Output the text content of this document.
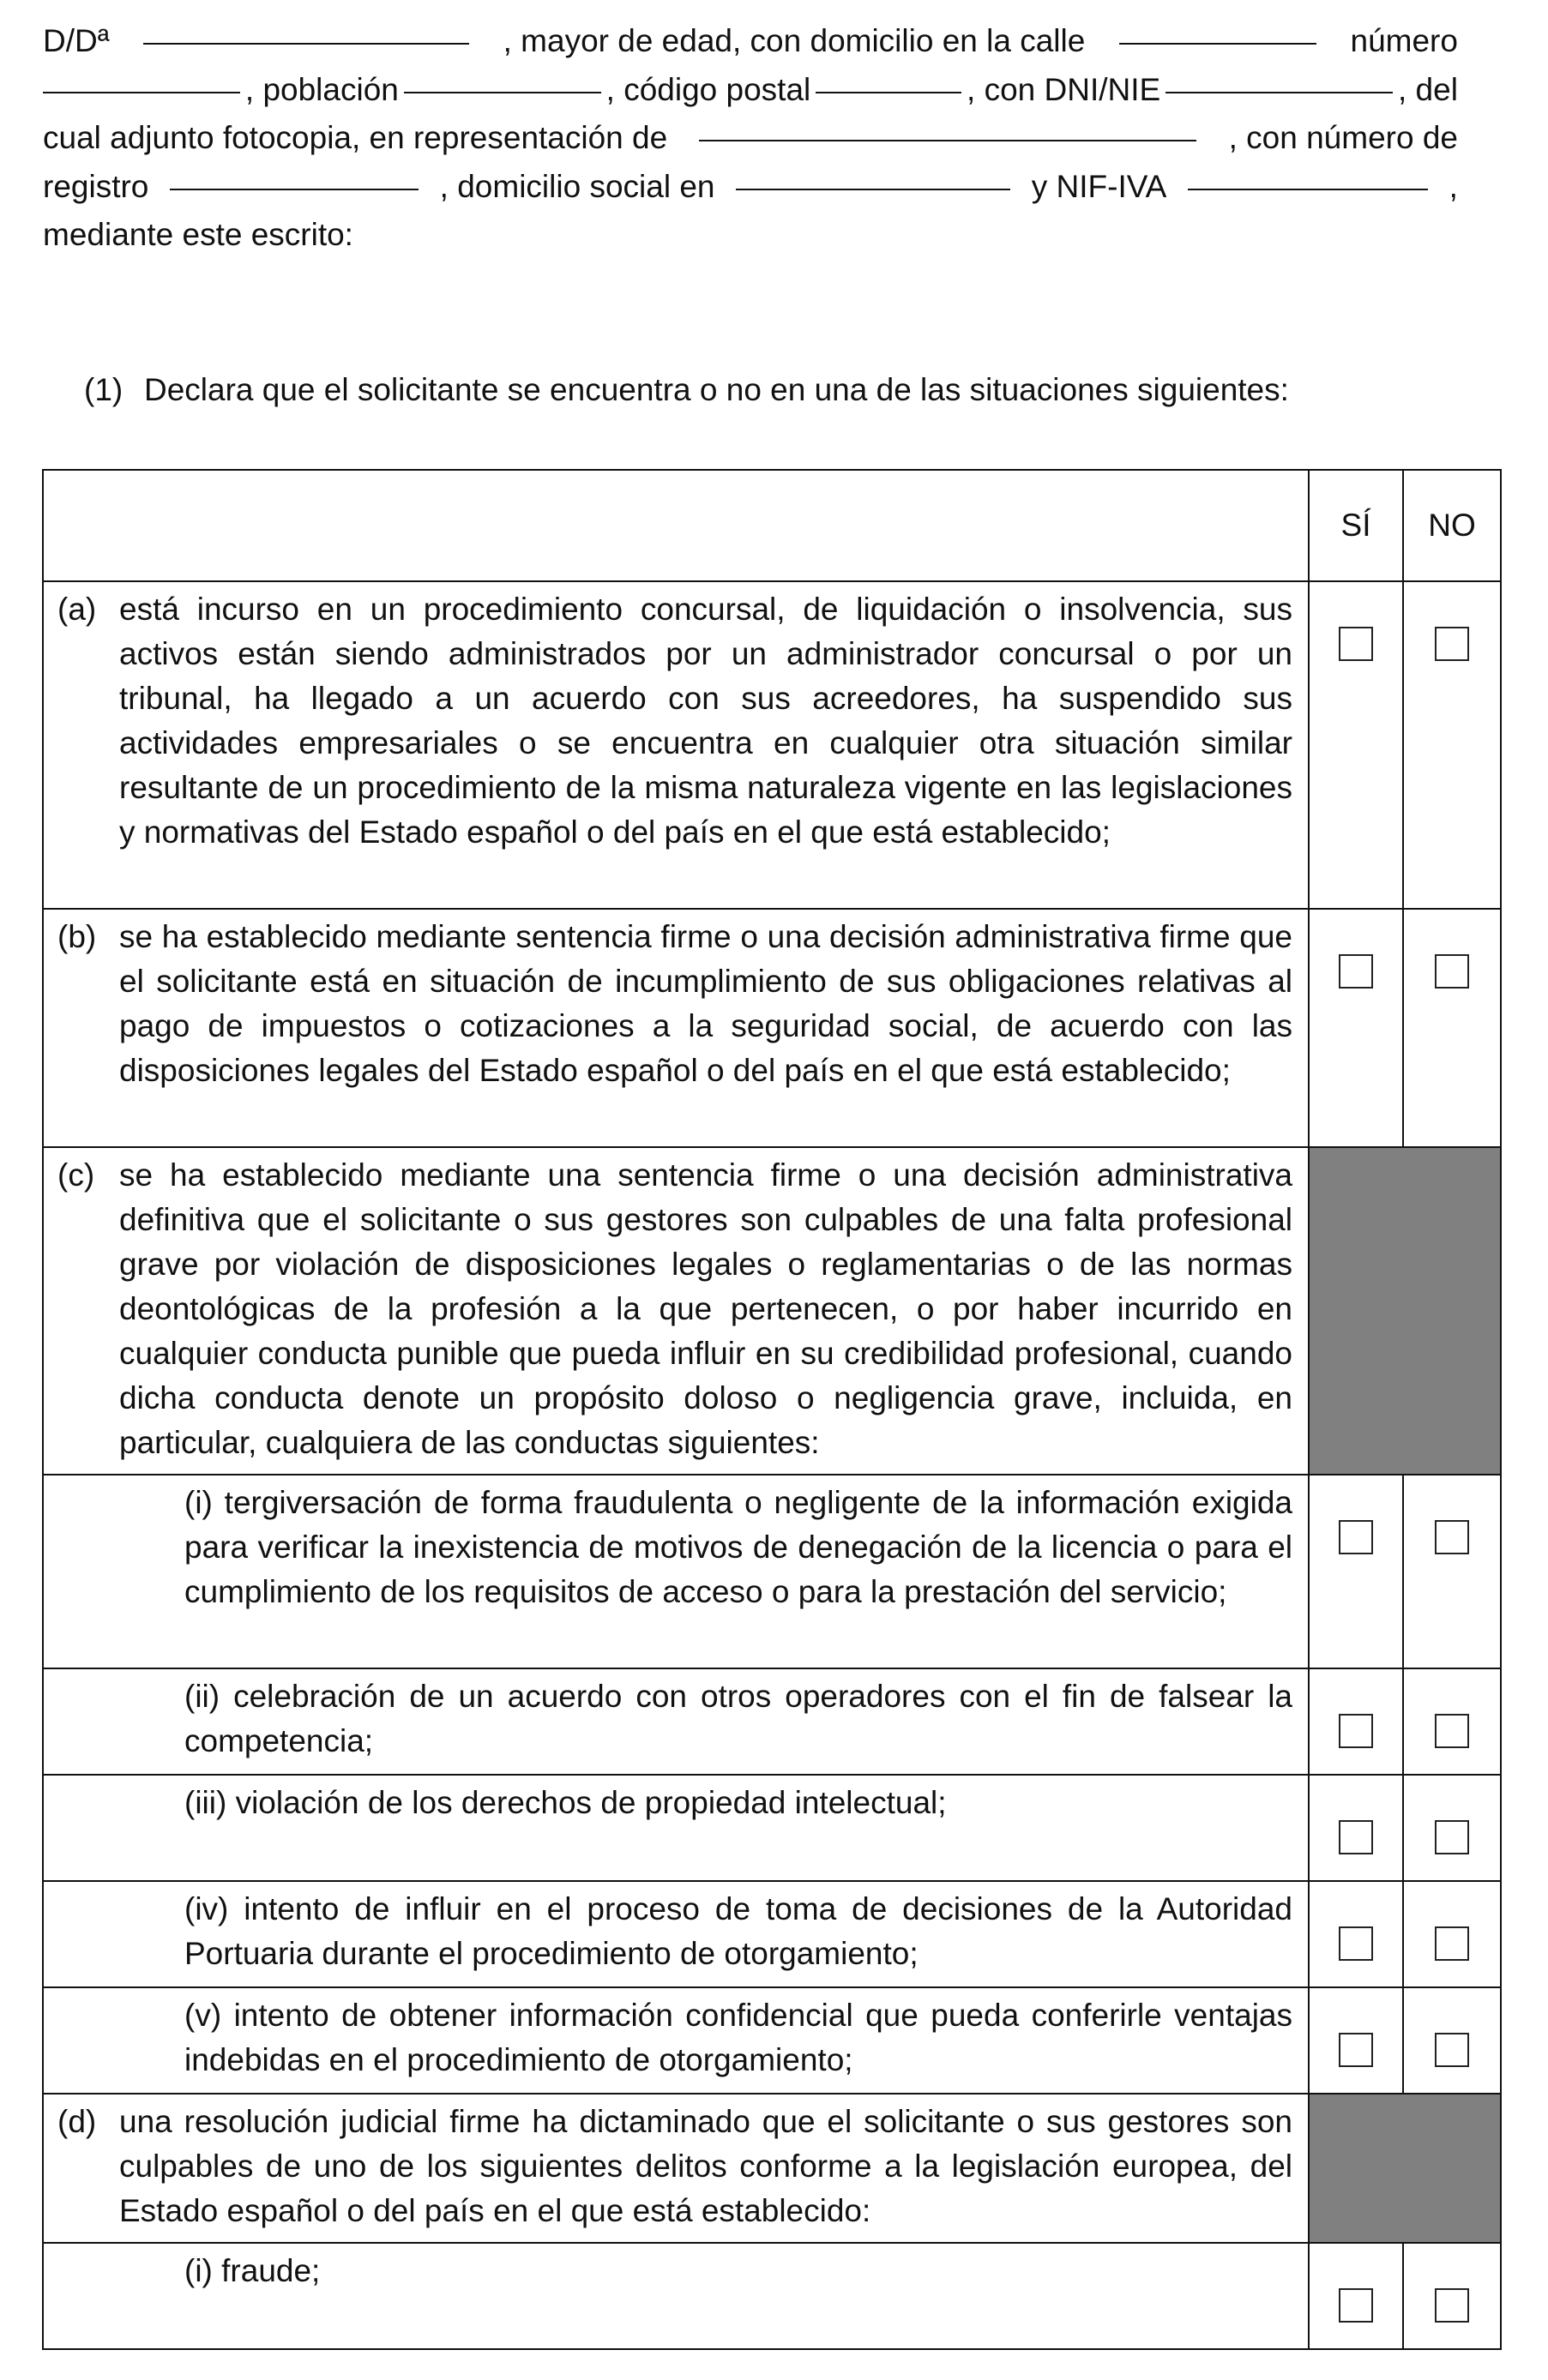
D/Dª	, mayor de edad, con domicilio en la calle	número
, población	, código postal	, con DNI/NIE	, del
cual adjunto fotocopia, en representación de	, con número de
registro	, domicilio social en	y NIF-IVA	,
mediante este escrito:
(1) Declara que el solicitante se encuentra o no en una de las situaciones siguientes:
	SÍ	NO

(a) está incurso en un procedimiento concursal, de liquidación o insolvencia, sus activos están siendo administrados por un administrador concursal o por un tribunal, ha llegado a un acuerdo con sus acreedores, ha suspendido sus actividades empresariales o se encuentra en cualquier otra situación similar resultante de un procedimiento de la misma naturaleza vigente en las legislaciones y normativas del Estado español o del país en el que está establecido;		

(b) se ha establecido mediante sentencia firme o una decisión administrativa firme que el solicitante está en situación de incumplimiento de sus obligaciones relativas al pago de impuestos o cotizaciones a la seguridad social, de acuerdo con las disposiciones legales del Estado español o del país en el que está establecido;		

(c) se ha establecido mediante una sentencia firme o una decisión administrativa definitiva que el solicitante o sus gestores son culpables de una falta profesional grave por violación de disposiciones legales o reglamentarias o de las normas deontológicas de la profesión a la que pertenecen, o por haber incurrido en cualquier conducta punible que pueda influir en su credibilidad profesional, cuando dicha conducta denote un propósito doloso o negligencia grave, incluida, en particular, cualquiera de las conductas siguientes:		

(i) tergiversación de forma fraudulenta o negligente de la información exigida para verificar la inexistencia de motivos de denegación de la licencia o para el cumplimiento de los requisitos de acceso o para la prestación del servicio;		

(ii) celebración de un acuerdo con otros operadores con el fin de falsear la competencia;		

(iii) violación de los derechos de propiedad intelectual;		

(iv) intento de influir en el proceso de toma de decisiones de la Autoridad Portuaria durante el procedimiento de otorgamiento;		

(v) intento de obtener información confidencial que pueda conferirle ventajas indebidas en el procedimiento de otorgamiento;		

(d) una resolución judicial firme ha dictaminado que el solicitante o sus gestores son culpables de uno de los siguientes delitos conforme a la legislación europea, del Estado español o del país en el que está establecido:		

(i) fraude;		
